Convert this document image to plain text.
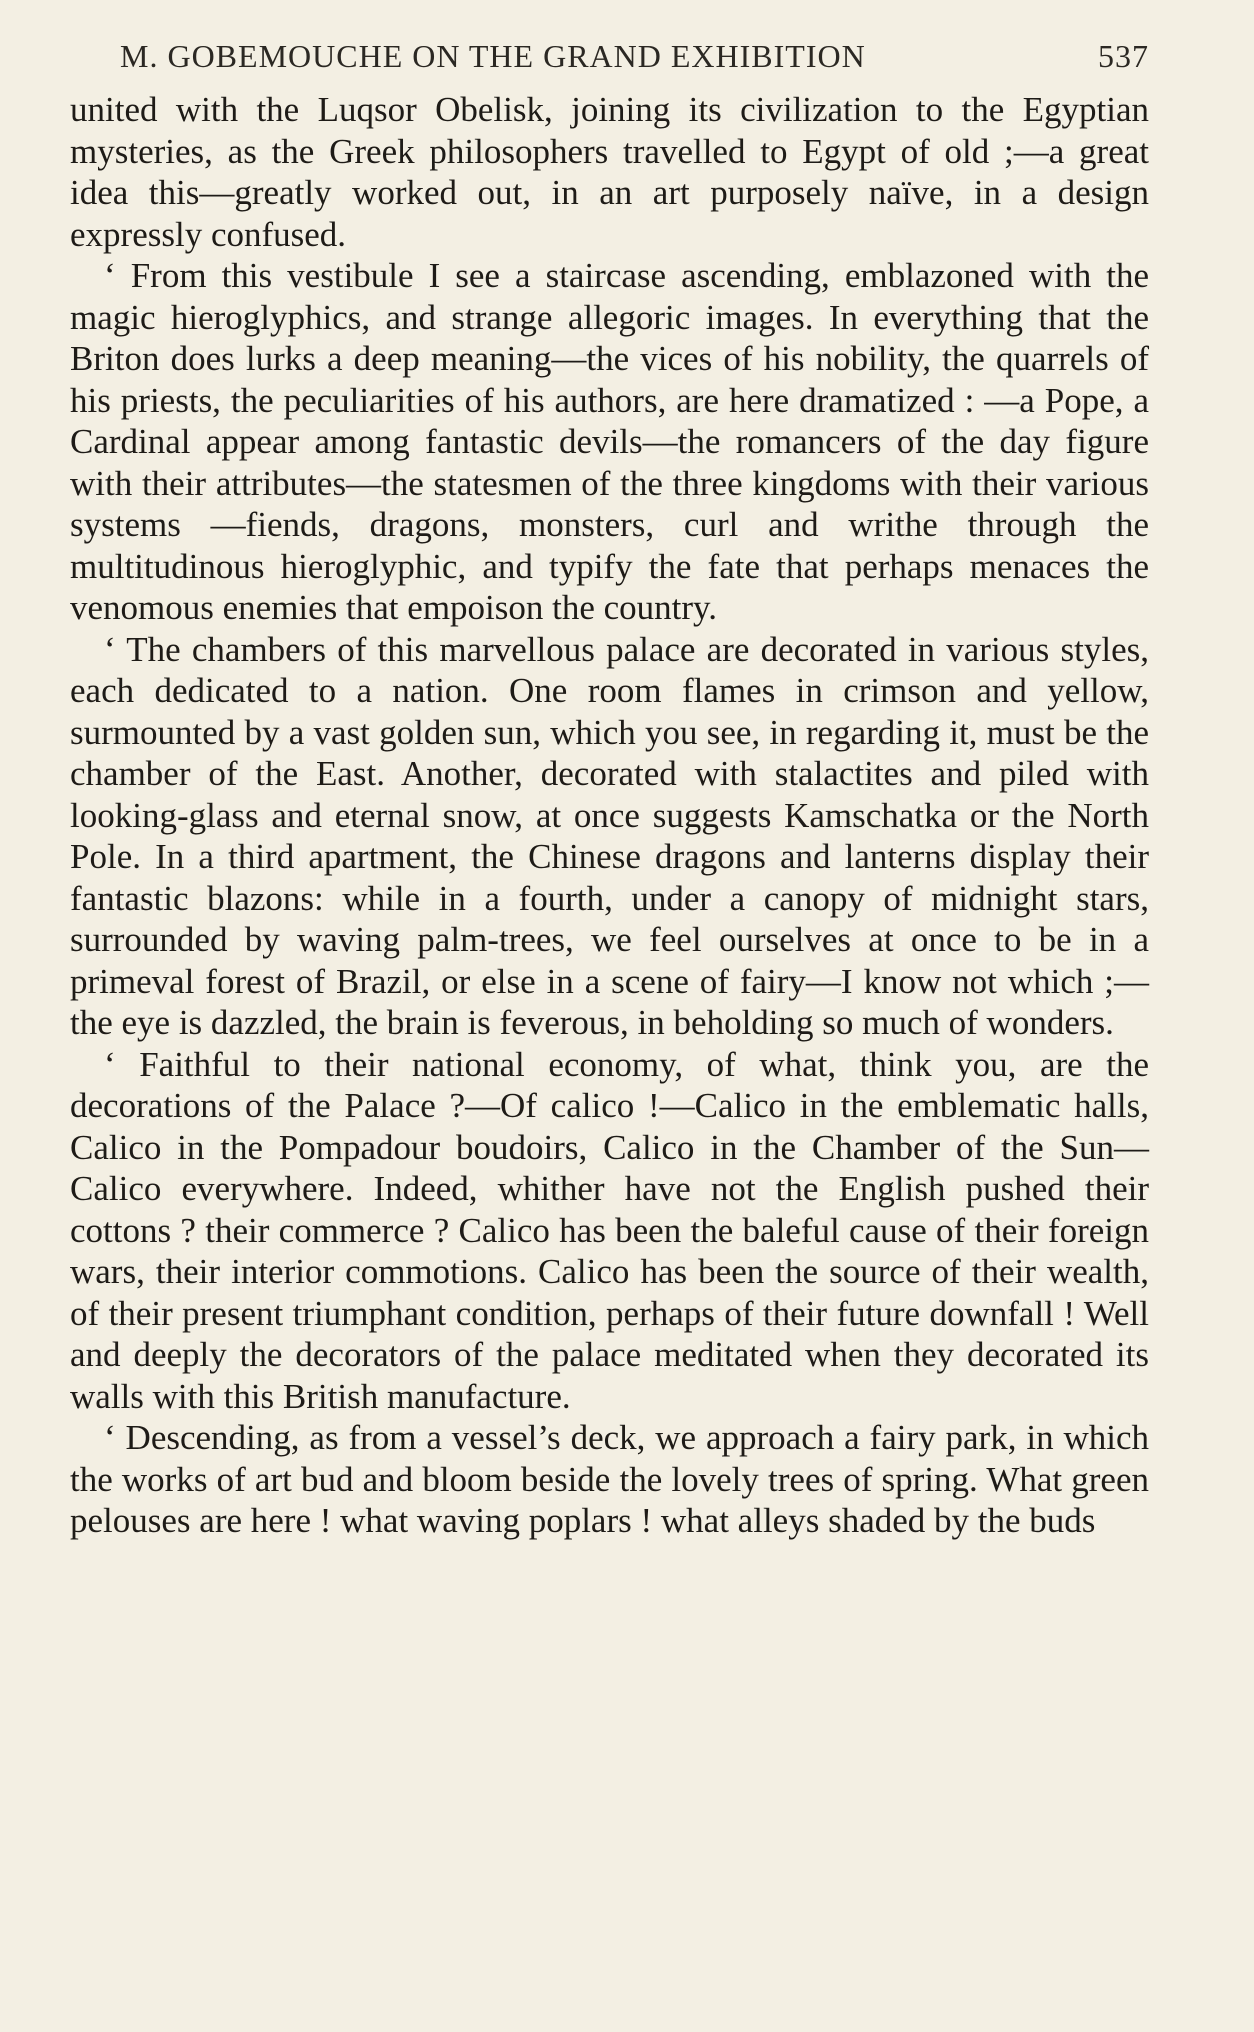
M. GOBEMOUCHE ON THE GRAND EXHIBITION	537

united with the Luqsor Obelisk, joining its civilization to the Egyptian mysteries, as the Greek philosophers travelled to Egypt of old ;—a great idea this—greatly worked out, in an art purposely naïve, in a design expressly confused.

‘ From this vestibule I see a staircase ascending, emblazoned with the magic hieroglyphics, and strange allegoric images. In everything that the Briton does lurks a deep meaning—the vices of his nobility, the quarrels of his priests, the peculiarities of his authors, are here dramatized : —a Pope, a Cardinal appear among fantastic devils—the romancers of the day figure with their attributes—the statesmen of the three kingdoms with their various systems —fiends, dragons, monsters, curl and writhe through the multitudinous hieroglyphic, and typify the fate that perhaps menaces the venomous enemies that empoison the country.

‘ The chambers of this marvellous palace are decorated in various styles, each dedicated to a nation. One room flames in crimson and yellow, surmounted by a vast golden sun, which you see, in regarding it, must be the chamber of the East. Another, decorated with stalactites and piled with looking-glass and eternal snow, at once suggests Kamschatka or the North Pole. In a third apartment, the Chinese dragons and lanterns display their fantastic blazons: while in a fourth, under a canopy of midnight stars, surrounded by waving palm-trees, we feel ourselves at once to be in a primeval forest of Brazil, or else in a scene of fairy—I know not which ;—the eye is dazzled, the brain is feverous, in beholding so much of wonders.

‘ Faithful to their national economy, of what, think you, are the decorations of the Palace ?—Of calico !—Calico in the emblematic halls, Calico in the Pompadour boudoirs, Calico in the Chamber of the Sun—Calico everywhere. Indeed, whither have not the English pushed their cottons ? their commerce ? Calico has been the baleful cause of their foreign wars, their interior commotions. Calico has been the source of their wealth, of their present triumphant condition, perhaps of their future downfall ! Well and deeply the decorators of the palace meditated when they decorated its walls with this British manufacture.

‘ Descending, as from a vessel’s deck, we approach a fairy park, in which the works of art bud and bloom beside the lovely trees of spring. What green pelouses are here ! what waving poplars ! what alleys shaded by the buds
